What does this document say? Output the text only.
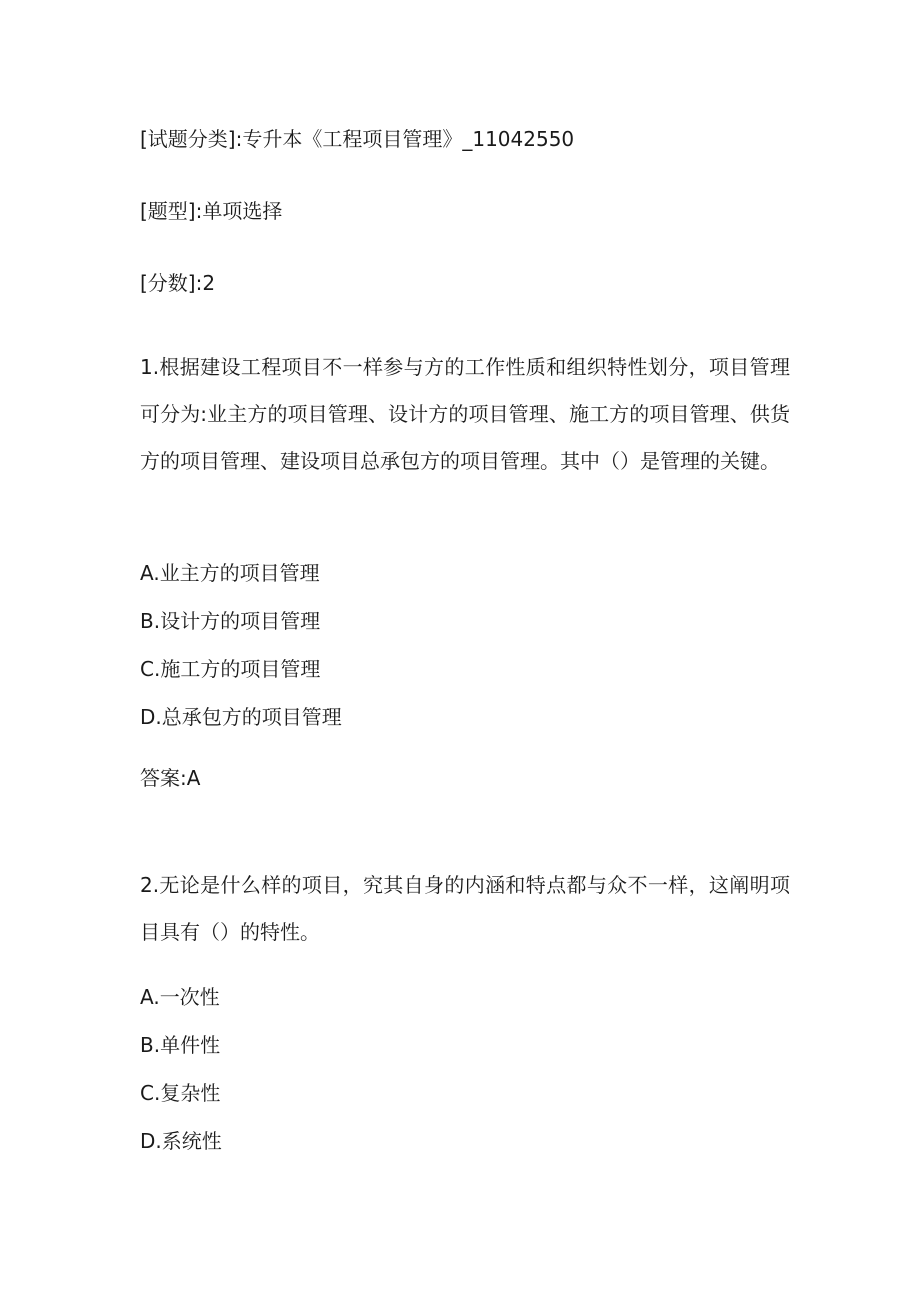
[试题分类]:专升本《工程项目管理》_11042550

[题型]:单项选择

[分数]:2

1.根据建设工程项目不一样参与方的工作性质和组织特性划分，项目管理可分为:业主方的项目管理、设计方的项目管理、施工方的项目管理、供货方的项目管理、建设项目总承包方的项目管理。其中（）是管理的关键。

A.业主方的项目管理

B.设计方的项目管理

C.施工方的项目管理

D.总承包方的项目管理

答案:A

2.无论是什么样的项目，究其自身的内涵和特点都与众不一样，这阐明项目具有（）的特性。

A.一次性

B.单件性

C.复杂性

D.系统性
